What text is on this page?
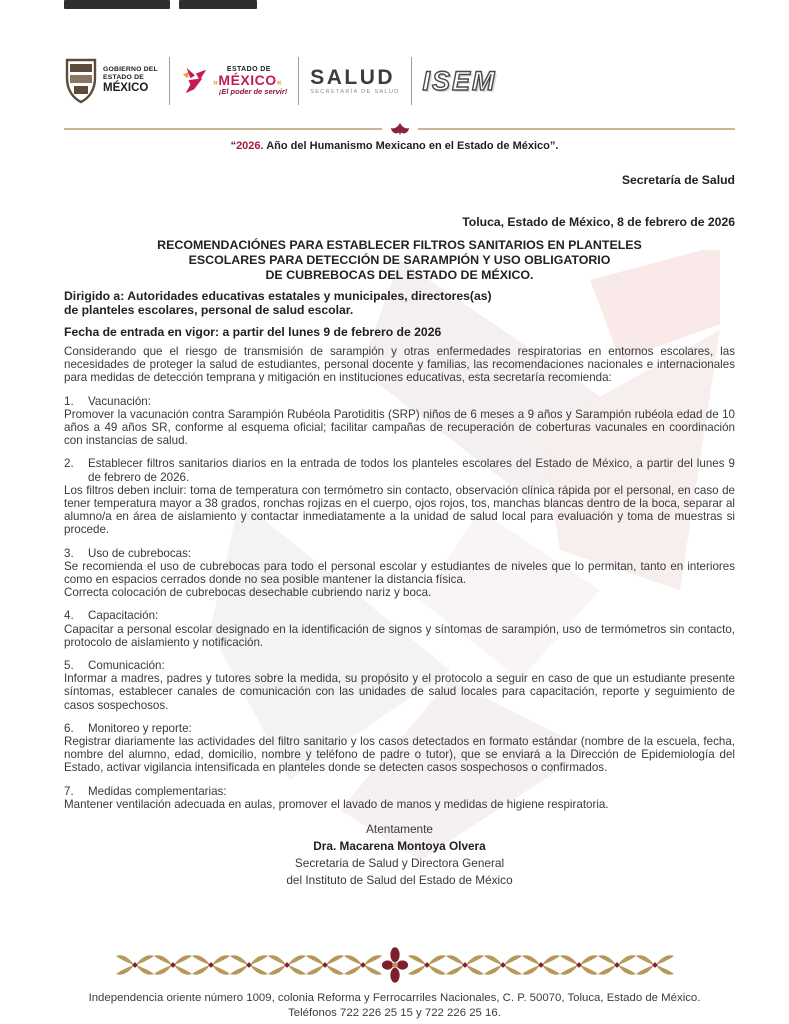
GOBIERNO DEL
ESTADO DE
MÉXICO
ESTADO DE
»MÉXICO«
¡El poder de servir!
SALUD
SECRETARÍA DE SALUD ISEM
“2026. Año del Humanismo Mexicano en el Estado de México”.

Secretaría de Salud

Toluca, Estado de México, 8 de febrero de 2026

RECOMENDACIÓNES PARA ESTABLECER FILTROS SANITARIOS EN PLANTELES
ESCOLARES PARA DETECCIÓN DE SARAMPIÓN Y USO OBLIGATORIO
DE CUBREBOCAS DEL ESTADO DE MÉXICO.
Dirigido a: Autoridades educativas estatales y municipales, directores(as)
de planteles escolares, personal de salud escolar.

Fecha de entrada en vigor: a partir del lunes 9 de febrero de 2026

Considerando que el riesgo de transmisión de sarampión y otras enfermedades respiratorias en entornos escolares, las necesidades de proteger la salud de estudiantes, personal docente y familias, las recomendaciones nacionales e internacionales para medidas de detección temprana y mitigación en instituciones educativas, esta secretaría recomienda:

1.	Vacunación:

Promover la vacunación contra Sarampión Rubéola Parotiditis (SRP) niños de 6 meses a 9 años y Sarampión rubéola edad de 10 años a 49 años SR, conforme al esquema oficial; facilitar campañas de recuperación de coberturas vacunales en coordinación con instancias de salud.

2.	Establecer filtros sanitarios diarios en la entrada de todos los planteles escolares del Estado de México, a partir del lunes 9 de febrero de 2026.

Los filtros deben incluir: toma de temperatura con termómetro sin contacto, observación clínica rápida por el personal, en caso de tener temperatura mayor a 38 grados, ronchas rojizas en el cuerpo, ojos rojos, tos, manchas blancas dentro de la boca, separar al alumno/a en área de aislamiento y contactar inmediatamente a la unidad de salud local para evaluación y toma de muestras si procede.

3.	Uso de cubrebocas:

Se recomienda el uso de cubrebocas para todo el personal escolar y estudiantes de niveles que lo permitan, tanto en interiores como en espacios cerrados donde no sea posible mantener la distancia física.

Correcta colocación de cubrebocas desechable cubriendo nariz y boca.

4.	Capacitación:

Capacitar a personal escolar designado en la identificación de signos y síntomas de sarampión, uso de termómetros sin contacto, protocolo de aislamiento y notificación.

5.	Comunicación:

Informar a madres, padres y tutores sobre la medida, su propósito y el protocolo a seguir en caso de que un estudiante presente síntomas, establecer canales de comunicación con las unidades de salud locales para capacitación, reporte y seguimiento de casos sospechosos.

6.	Monitoreo y reporte:

Registrar diariamente las actividades del filtro sanitario y los casos detectados en formato estándar (nombre de la escuela, fecha, nombre del alumno, edad, domicilio, nombre y teléfono de padre o tutor), que se enviará a la Dirección de Epidemiología del Estado, activar vigilancia intensificada en planteles donde se detecten casos sospechosos o confirmados.

7.	Medidas complementarias:

Mantener ventilación adecuada en aulas, promover el lavado de manos y medidas de higiene respiratoria.

Atentamente
Dra. Macarena Montoya Olvera
Secretaria de Salud y Directora General
del Instituto de Salud del Estado de México
Independencia oriente número 1009, colonia Reforma y Ferrocarriles Nacionales, C. P. 50070, Toluca, Estado de México.
Teléfonos 722 226 25 15 y 722 226 25 16.
